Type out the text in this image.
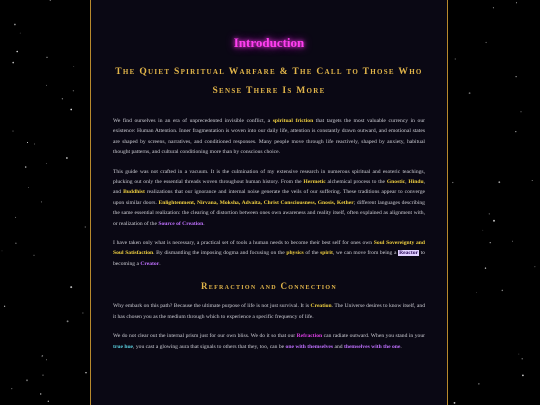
Introduction
The Quiet Spiritual Warfare & The Call to Those Who Sense There Is More

We find ourselves in an era of unprecedented invisible conflict, a spiritual friction that targets the most valuable currency in our existence: Human Attention. Inner fragmentation is woven into our daily life, attention is constantly drawn outward, and emotional states are shaped by screens, narratives, and conditioned responses. Many people move through life reactively, shaped by anxiety, habitual thought patterns, and cultural conditioning more than by conscious choice.

This guide was not crafted in a vacuum. It is the culmination of my extensive research in numerous spiritual and esoteric teachings, plucking out only the essential threads woven throughout human history. From the Hermetic alchemical process to the Gnostic, Hindu, and Buddhist realizations that our ignorance and internal noise generate the veils of our suffering. These traditions appear to converge upon similar doors. Enlightenment, Nirvana, Moksha, Advaita, Christ Consciousness, Gnosis, Kether; different languages describing the same essential realization: the clearing of distortion between ones own awareness and reality itself, often explained as alignment with, or realization of the Source of Creation.

I have taken only what is necessary, a practical set of tools a human needs to become their best self for ones own Soul Sovereignty and Soul Satisfaction. By dismantling the imposing dogma and focusing on the physics of the spirit, we can move from being a Reactor to becoming a Creator.

Refraction and Connection

Why embark on this path? Because the ultimate purpose of life is not just survival. It is Creation. The Universe desires to know itself, and it has chosen you as the medium through which to experience a specific frequency of life.

We do not clear out the internal prism just for our own bliss. We do it so that our Refraction can radiate outward. When you stand in your true hue, you cast a glowing aura that signals to others that they, too, can be one with themselves and themselves with the one.
